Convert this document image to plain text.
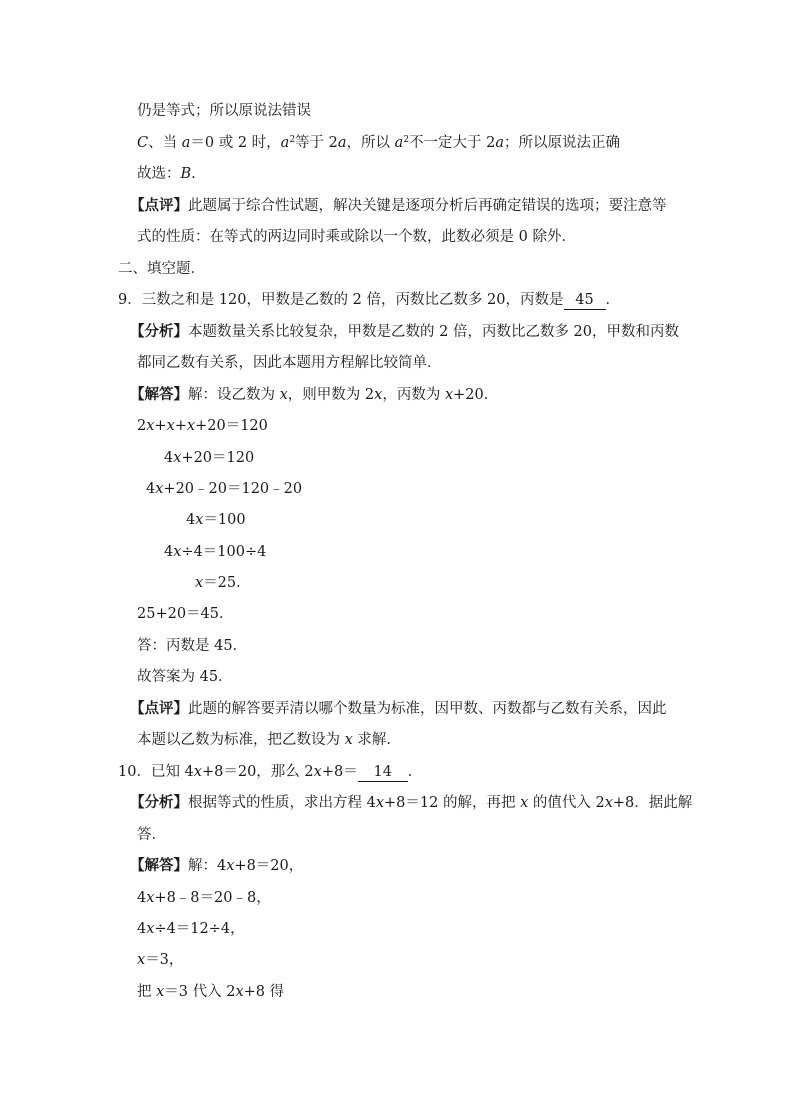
仍是等式；所以原说法错误
C、当 a＝0 或 2 时，$a^2$等于 2a，所以 $a^2$不一定大于 2a；所以原说法正确
故选：B.
【点评】此题属于综合性试题，解决关键是逐项分析后再确定错误的选项；要注意等
式的性质：在等式的两边同时乘或除以一个数，此数必须是 0 除外．
二、填空题．
9．三数之和是 120，甲数是乙数的 2 倍，丙数比乙数多 20，丙数是 45 ．
【分析】本题数量关系比较复杂，甲数是乙数的 2 倍，丙数比乙数多 20，甲数和丙数
都同乙数有关系，因此本题用方程解比较简单．
【解答】解：设乙数为 x，则甲数为 2x，丙数为 x+20．
2x+x+x+20＝120
4x+20＝120
4x+20﹣20＝120﹣20
4x＝100
4x÷4＝100÷4
x＝25．
25+20＝45．
答：丙数是 45．
故答案为 45．
【点评】此题的解答要弄清以哪个数量为标准，因甲数、丙数都与乙数有关系，因此
本题以乙数为标准，把乙数设为 x 求解．
10．已知 4x+8＝20，那么 2x+8＝ 14 ．
【分析】根据等式的性质，求出方程 4x+8＝12 的解，再把 x 的值代入 2x+8．据此解
答．
【解答】解：4x+8＝20，
4x+8﹣8＝20﹣8，
4x÷4＝12÷4，
x＝3，
把 x＝3 代入 2x+8 得
